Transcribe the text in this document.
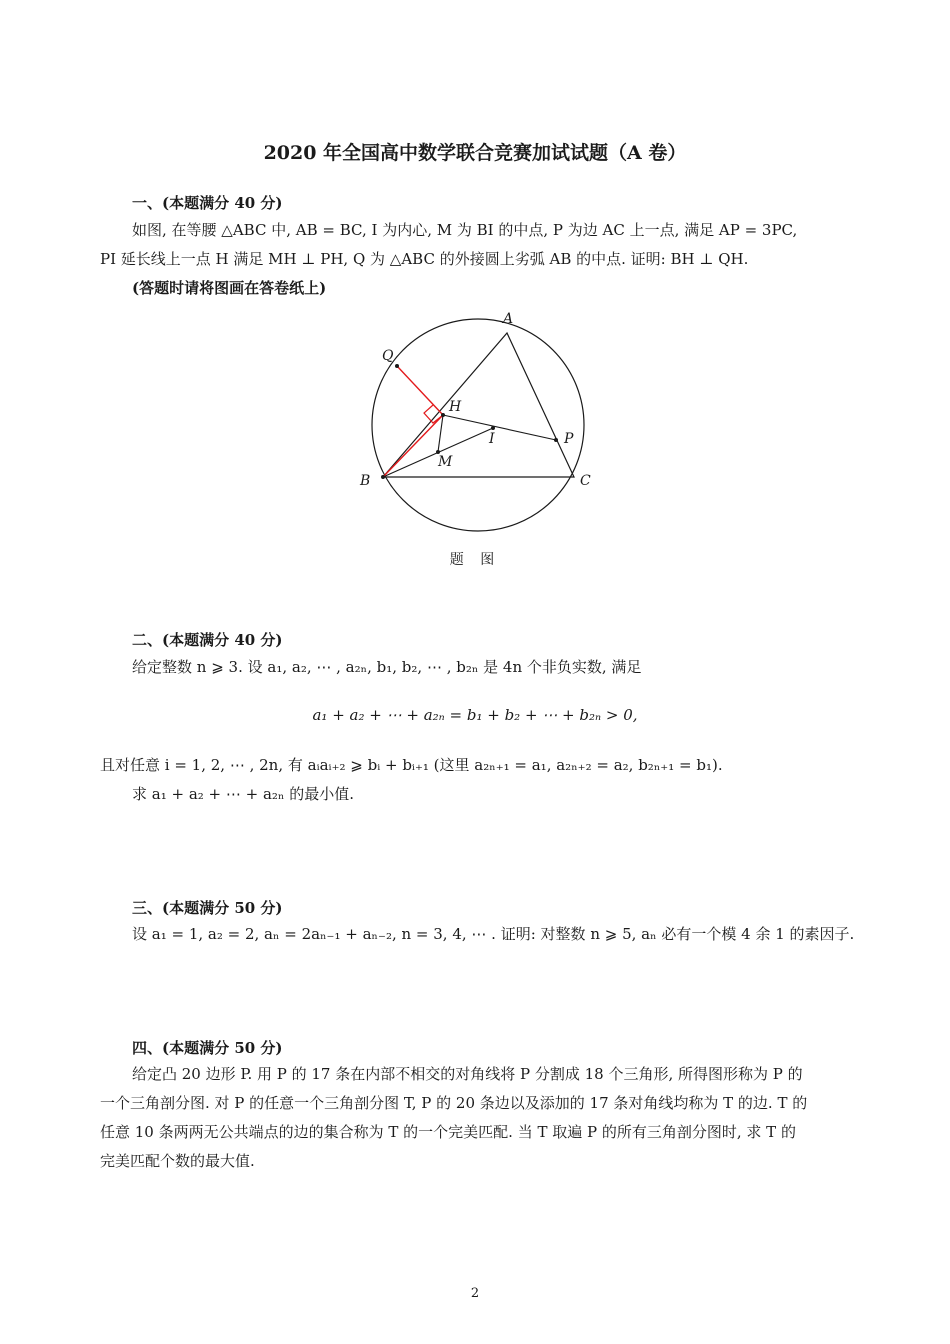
2020 年全国高中数学联合竞赛加试试题（A 卷）
一、(本题满分 40 分)
如图, 在等腰 △ABC 中, AB = BC, I 为内心, M 为 BI 的中点, P 为边 AC 上一点, 满足 AP = 3PC,
PI 延长线上一点 H 满足 MH ⊥ PH, Q 为 △ABC 的外接圆上劣弧 AB 的中点. 证明: BH ⊥ QH.
(答题时请将图画在答卷纸上)
A
Q
H
I	P
M
B	C
题 图
二、(本题满分 40 分)
给定整数 n ⩾ 3. 设 a₁, a₂, ⋯ , a₂ₙ, b₁, b₂, ⋯ , b₂ₙ 是 4n 个非负实数, 满足
a₁ + a₂ + ⋯ + a₂ₙ = b₁ + b₂ + ⋯ + b₂ₙ > 0,
且对任意 i = 1, 2, ⋯ , 2n, 有 aᵢaᵢ₊₂ ⩾ bᵢ + bᵢ₊₁ (这里 a₂ₙ₊₁ = a₁, a₂ₙ₊₂ = a₂, b₂ₙ₊₁ = b₁).
求 a₁ + a₂ + ⋯ + a₂ₙ 的最小值.
三、(本题满分 50 分)
设 a₁ = 1, a₂ = 2, aₙ = 2aₙ₋₁ + aₙ₋₂, n = 3, 4, ⋯ . 证明: 对整数 n ⩾ 5, aₙ 必有一个模 4 余 1 的素因子.
四、(本题满分 50 分)
给定凸 20 边形 P. 用 P 的 17 条在内部不相交的对角线将 P 分割成 18 个三角形, 所得图形称为 P 的
一个三角剖分图. 对 P 的任意一个三角剖分图 T, P 的 20 条边以及添加的 17 条对角线均称为 T 的边. T 的
任意 10 条两两无公共端点的边的集合称为 T 的一个完美匹配. 当 T 取遍 P 的所有三角剖分图时, 求 T 的
完美匹配个数的最大值.
2
